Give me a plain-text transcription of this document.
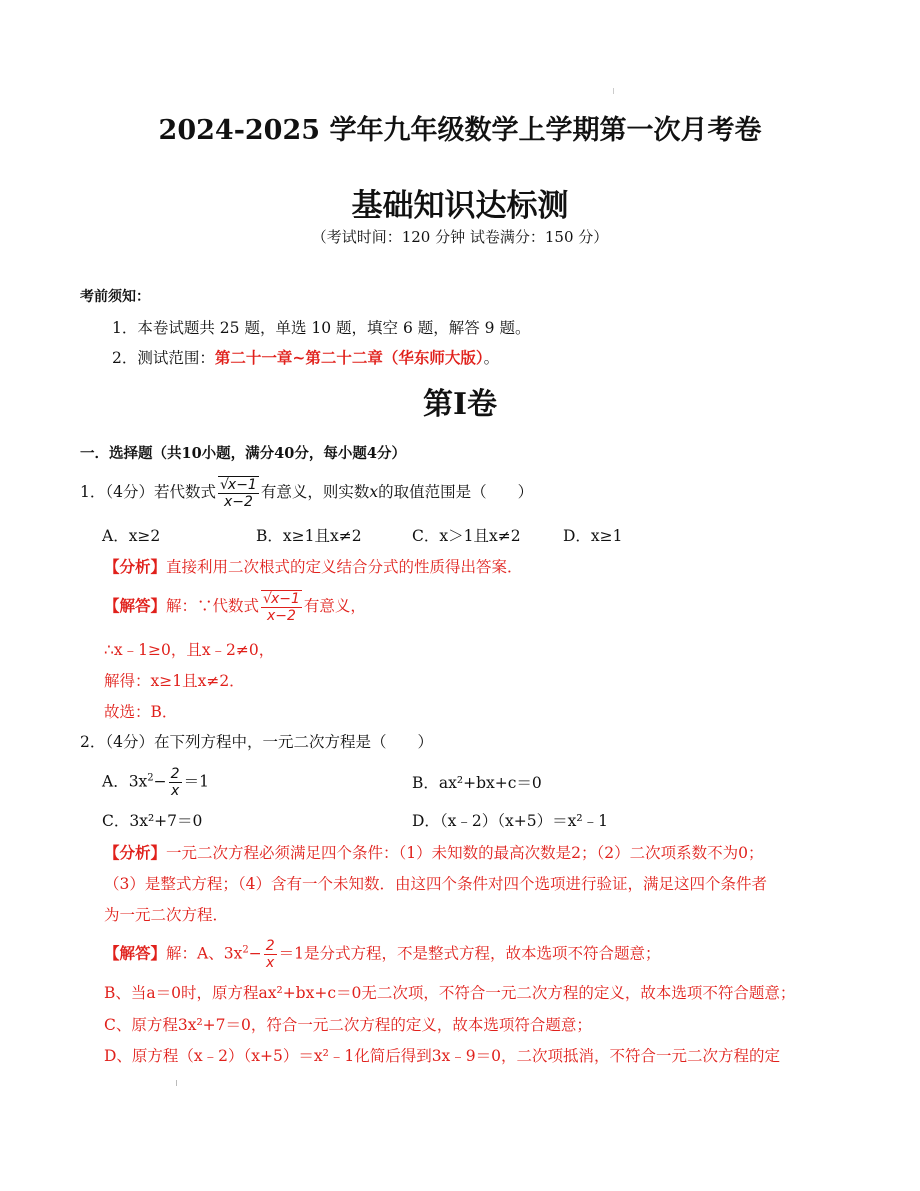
2024-2025 学年九年级数学上学期第一次月考卷
基础知识达标测
（考试时间：120 分钟 试卷满分：150 分）
考前须知：
1．本卷试题共 25 题，单选 10 题，填空 6 题，解答 9 题。
2．测试范围：第二十一章~第二十二章（华东师大版）。
第Ⅰ卷
一．选择题（共10小题，满分40分，每小题4分）
1．（4分）若代数式 $\frac{√x-1}{x-2}$ 有意义，则实数x的取值范围是（　　）
A．x≥2	B．x≥1且x≠2	C．x＞1且x≠2	D．x≥1
【分析】直接利用二次根式的定义结合分式的性质得出答案．
【解答】解：∵代数式 $\frac{√x-1}{x-2}$ 有意义，
∴x﹣1≥0，且x﹣2≠0，
解得：x≥1且x≠2．
故选：B．
2．（4分）在下列方程中，一元二次方程是（　　）
A．$3x^2- \frac{2}{x} =1$	B．ax²+bx+c＝0
C．3x²+7＝0	D．（x﹣2）（x+5）＝x²﹣1
【分析】一元二次方程必须满足四个条件：（1）未知数的最高次数是2；（2）二次项系数不为0；
（3）是整式方程；（4）含有一个未知数．由这四个条件对四个选项进行验证，满足这四个条件者
为一元二次方程．
【解答】解：A、$3x^2- \frac{2}{x} =1$是分式方程，不是整式方程，故本选项不符合题意；
B、当a＝0时，原方程ax²+bx+c＝0无二次项，不符合一元二次方程的定义，故本选项不符合题意；
C、原方程3x²+7＝0，符合一元二次方程的定义，故本选项符合题意；
D、原方程（x﹣2）（x+5）＝x²﹣1化简后得到3x﹣9＝0，二次项抵消，不符合一元二次方程的定
